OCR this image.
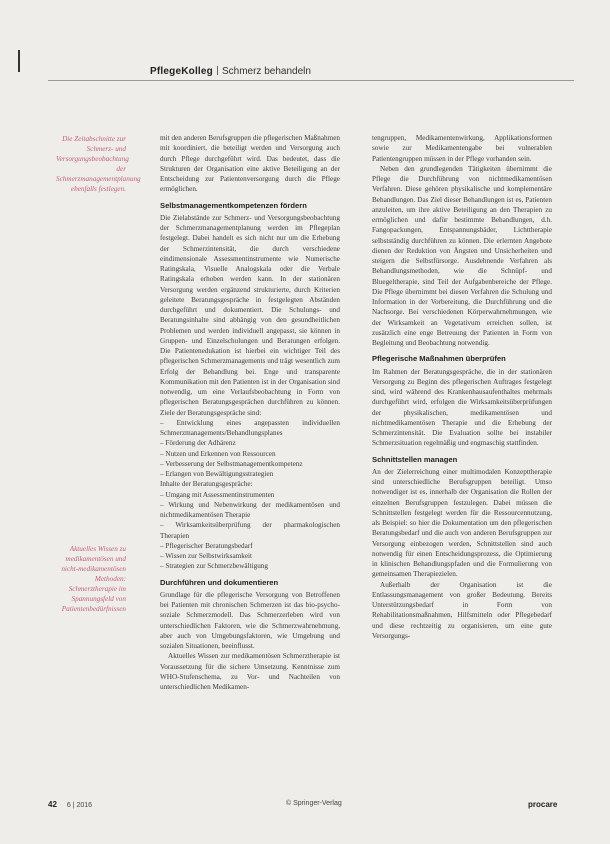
PflegeKolleg Schmerz behandeln
Die Zeitabschnitte zur Schmerz- und Versorgungsbeobachtung der Schmerzmanagementplanung ebenfalls festlegen.
Aktuelles Wissen zu medikamentösen und nicht-medikamentösen Methoden: Schmerztherapie im Spannungsfeld von Patientenbedürfnissen

mit den anderen Berufsgruppen die pflegerischen Maßnahmen mit koordiniert, die beteiligt werden und Versorgung auch durch Pflege durchgeführt wird. Das bedeutet, dass die Strukturen der Organisation eine aktive Beteiligung an der Entscheidung zur Patientenversorgung durch die Pflege ermöglichen.

Selbstmanagementkompetenzen fördern

Die Zielabstände zur Schmerz- und Versorgungsbeobachtung der Schmerzmanagementplanung werden im Pflegeplan festgelegt. Dabei handelt es sich nicht nur um die Erhebung der Schmerzintensität, die durch verschiedene eindimensionale Assessmentinstrumente wie Numerische Ratingskala, Visuelle Analogskala oder die Verbale Ratingskala erhoben werden kann. In der stationären Versorgung werden ergänzend strukturierte, durch Kriterien geleitete Beratungsgespräche in festgelegten Abständen durchgeführt und dokumentiert. Die Schulungs- und Beratungsinhalte sind abhängig von den gesundheitlichen Problemen und werden individuell angepasst, sie können in Gruppen- und Einzelschulungen und Beratungen erfolgen. Die Patientenedukation ist hierbei ein wichtiger Teil des pflegerischen Schmerzmanagements und trägt wesentlich zum Erfolg der Behandlung bei. Enge und transparente Kommunikation mit den Patienten ist in der Organisation sind notwendig, um eine Verlaufsbeobachtung in Form von pflegerischen Beratungsgesprächen durchführen zu können. Ziele der Beratungsgespräche sind:

– Entwicklung eines angepassten individuellen Schmerzmanagements/Behandlungsplanes

– Förderung der Adhärenz

– Nutzen und Erkennen von Ressourcen

– Verbesserung der Selbstmanagementkompetenz

– Erlangen von Bewältigungsstrategien

Inhalte der Beratungsgespräche:

– Umgang mit Assessmentinstrumenten

– Wirkung und Nebenwirkung der medikamentösen und nichtmedikamentösen Therapie

– Wirksamkeitsüberprüfung der pharmakologischen Therapien

– Pflegerischer Beratungsbedarf

– Wissen zur Selbstwirksamkeit

– Strategien zur Schmerzbewältigung

Durchführen und dokumentieren

Grundlage für die pflegerische Versorgung von Betroffenen bei Patienten mit chronischen Schmerzen ist das bio-psycho-soziale Schmerzmodell. Das Schmerzerleben wird von unterschiedlichen Faktoren, wie die Schmerzwahrnehmung, aber auch von Umgebungsfaktoren, wie Umgebung und sozialen Situationen, beeinflusst.

Aktuelles Wissen zur medikamentösen Schmerztherapie ist Voraussetzung für die sichere Umsetzung. Kenntnisse zum WHO-Stufenschema, zu Vor- und Nachteilen von unterschiedlichen Medikamen-

tengruppen, Medikamentenwirkung, Applikationsformen sowie zur Medikamentengabe bei vulnerablen Patientengruppen müssen in der Pflege vorhanden sein.

Neben den grundlegenden Tätigkeiten übernimmt die Pflege die Durchführung von nichtmedikamentösen Verfahren. Diese gehören physikalische und komplementäre Behandlungen. Das Ziel dieser Behandlungen ist es, Patienten anzuleiten, um ihre aktive Beteiligung an den Therapien zu ermöglichen und dafür bestimmte Behandlungen, d.h. Fangopackungen, Entspannungsbäder, Lichttherapie selbstständig durchführen zu können. Die erlernten Angebote dienen der Reduktion von Ängsten und Unsicherheiten und steigern die Selbstfürsorge. Ausdehnende Verfahren als Behandlungsmethoden, wie die Schnüpf- und Bluegeltherapie, sind Teil der Aufgabenbereiche der Pflege. Die Pflege übernimmt bei diesen Verfahren die Schulung und Information in der Vorbereitung, die Durchführung und die Nachsorge. Bei verschiedenen Körperwahrnehmungen, wie der Wirksamkeit an Vegetativum erreichen sollen, ist zusätzlich eine enge Betreuung der Patienten in Form von Begleitung und Beobachtung notwendig.

Pflegerische Maßnahmen überprüfen

Im Rahmen der Beratungsgespräche, die in der stationären Versorgung zu Beginn des pflegerischen Auftrages festgelegt sind, wird während des Krankenhausaufenthaltes mehrmals durchgeführt wird, erfolgen die Wirksamkeitsüberprüfungen der physikalischen, medikamentösen und nichtmedikamentösen Therapie und die Erhebung der Schmerzintensität. Die Evaluation sollte bei instabiler Schmerzsituation regelmäßig und engmaschig stattfinden.

Schnittstellen managen

An der Zielerreichung einer multimodalen Konzepttherapie sind unterschiedliche Berufsgruppen beteiligt. Umso notwendiger ist es, innerhalb der Organisation die Rollen der einzelnen Berufsgruppen festzulegen. Dabei müssen die Schnittstellen festgelegt werden für die Ressourcennutzung, als Beispiel: so hier die Dokumentation um den pflegerischen Beratungsbedarf und die auch von anderen Berufsgruppen zur Versorgung einbezogen werden, Schnittstellen sind auch notwendig für einen Entscheidungsprozess, die Optimierung in klinischen Behandlungspfaden und die Formulierung von gemeinsamen Therapiezielen.

Außerhalb der Organisation ist die Entlassungsmanagement von großer Bedeutung. Bereits Unterstützungsbedarf in Form von Rehabilitationsmaßnahmen, Hilfsmitteln oder Pflegebedarf und diese rechtzeitig zu organisieren, um eine gute Versorgungs-

42 6 | 2016	© Springer-Verlag	procare
